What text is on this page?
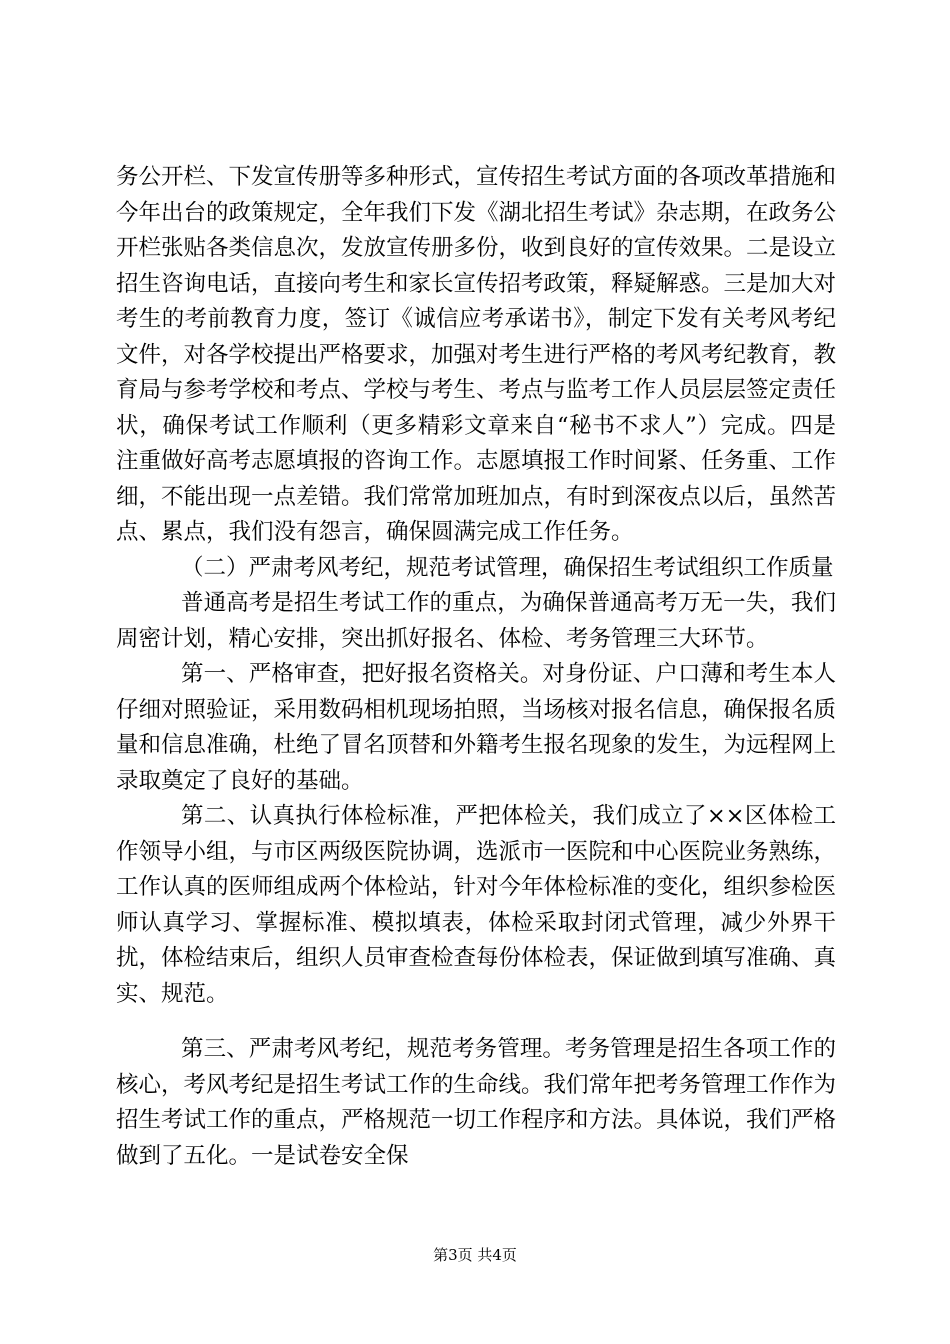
务公开栏、下发宣传册等多种形式，宣传招生考试方面的各项改革措施和今年出台的政策规定，全年我们下发《湖北招生考试》杂志期，在政务公开栏张贴各类信息次，发放宣传册多份，收到良好的宣传效果。二是设立招生咨询电话，直接向考生和家长宣传招考政策，释疑解惑。三是加大对考生的考前教育力度，签订《诚信应考承诺书》，制定下发有关考风考纪文件，对各学校提出严格要求，加强对考生进行严格的考风考纪教育，教育局与参考学校和考点、学校与考生、考点与监考工作人员层层签定责任状，确保考试工作顺利（更多精彩文章来自“秘书不求人”）完成。四是注重做好高考志愿填报的咨询工作。志愿填报工作时间紧、任务重、工作细，不能出现一点差错。我们常常加班加点，有时到深夜点以后，虽然苦点、累点，我们没有怨言，确保圆满完成工作任务。

（二）严肃考风考纪，规范考试管理，确保招生考试组织工作质量

普通高考是招生考试工作的重点，为确保普通高考万无一失，我们周密计划，精心安排，突出抓好报名、体检、考务管理三大环节。

第一、严格审查，把好报名资格关。对身份证、户口薄和考生本人仔细对照验证，采用数码相机现场拍照，当场核对报名信息，确保报名质量和信息准确，杜绝了冒名顶替和外籍考生报名现象的发生，为远程网上录取奠定了良好的基础。

第二、认真执行体检标准，严把体检关，我们成立了××区体检工作领导小组，与市区两级医院协调，选派市一医院和中心医院业务熟练，工作认真的医师组成两个体检站，针对今年体检标准的变化，组织参检医师认真学习、掌握标准、模拟填表，体检采取封闭式管理，减少外界干扰，体检结束后，组织人员审查检查每份体检表，保证做到填写准确、真实、规范。

第三、严肃考风考纪，规范考务管理。考务管理是招生各项工作的核心，考风考纪是招生考试工作的生命线。我们常年把考务管理工作作为招生考试工作的重点，严格规范一切工作程序和方法。具体说，我们严格做到了五化。一是试卷安全保

第3页 共4页
